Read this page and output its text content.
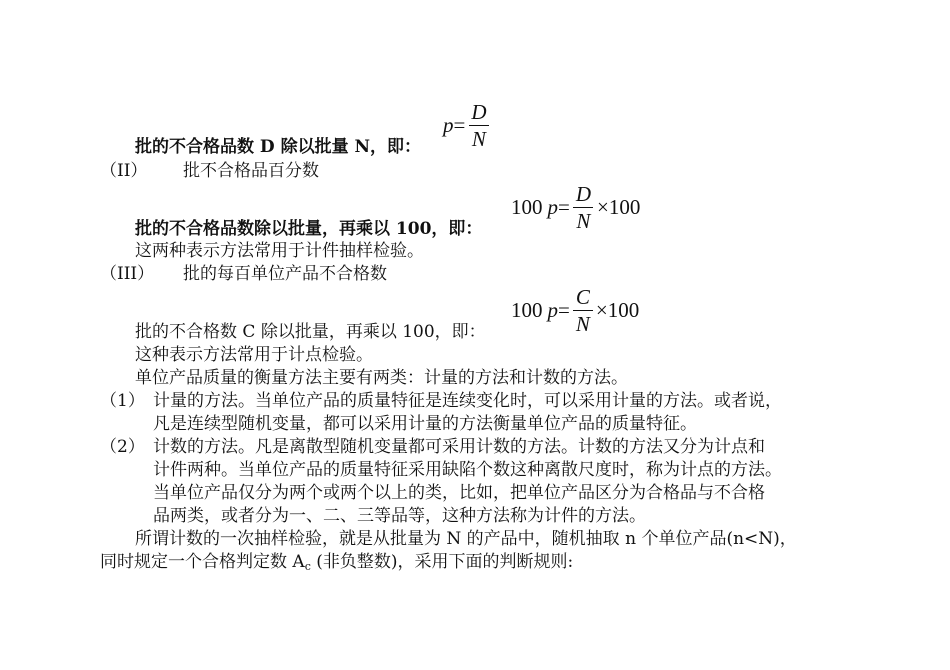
$p = \frac{D}{N}$
批的不合格品数 D 除以批量 N，即：
（II） 批不合格品百分数
100 $p = \frac{D}{N} \times 100$
批的不合格品数除以批量，再乘以 100，即：
这两种表示方法常用于计件抽样检验。
（III） 批的每百单位产品不合格数
100 $p = \frac{C}{N} \times 100$
批的不合格数 C 除以批量，再乘以 100，即：
这种表示方法常用于计点检验。
单位产品质量的衡量方法主要有两类：计量的方法和计数的方法。
（1） 计量的方法。当单位产品的质量特征是连续变化时，可以采用计量的方法。或者说，
凡是连续型随机变量，都可以采用计量的方法衡量单位产品的质量特征。
（2） 计数的方法。凡是离散型随机变量都可采用计数的方法。计数的方法又分为计点和
计件两种。当单位产品的质量特征采用缺陷个数这种离散尺度时，称为计点的方法。
当单位产品仅分为两个或两个以上的类，比如，把单位产品区分为合格品与不合格
品两类，或者分为一、二、三等品等，这种方法称为计件的方法。
所谓计数的一次抽样检验，就是从批量为 N 的产品中，随机抽取 n 个单位产品(n<N)，
同时规定一个合格判定数 $A_c$ (非负整数)，采用下面的判断规则:
